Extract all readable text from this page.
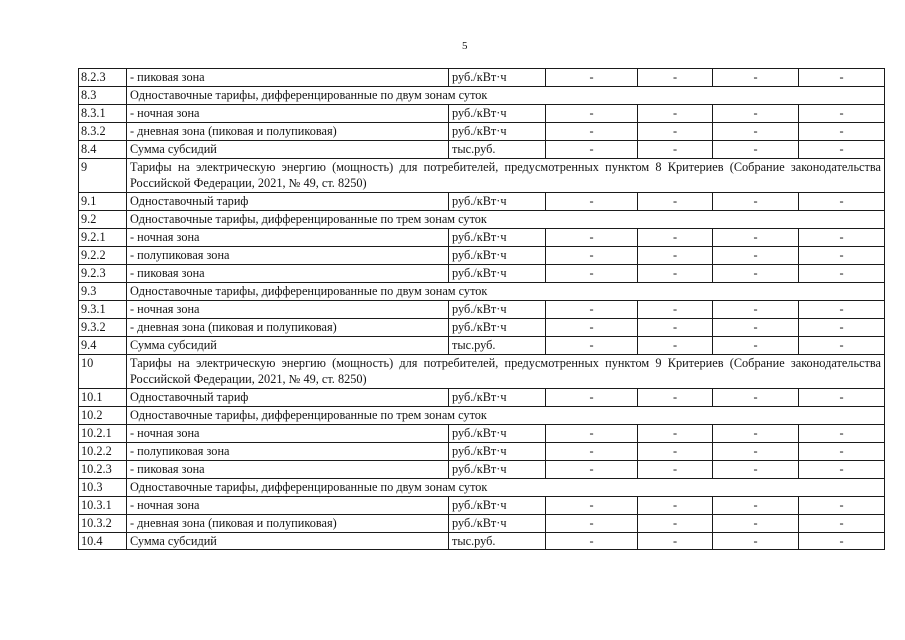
5
8.2.3	- пиковая зона	руб./кВт·ч	-	-	-	-
8.3	Одноставочные тарифы, дифференцированные по двум зонам суток					
8.3.1	- ночная зона	руб./кВт·ч	-	-	-	-
8.3.2	- дневная зона (пиковая и полупиковая)	руб./кВт·ч	-	-	-	-
8.4	Сумма субсидий	тыс.руб.	-	-	-	-
9	Тарифы на электрическую энергию (мощность) для потребителей, предусмотренных пунктом 8 Критериев (Собрание законодательства Российской Федерации, 2021, № 49, ст. 8250)					
9.1	Одноставочный тариф	руб./кВт·ч	-	-	-	-
9.2	Одноставочные тарифы, дифференцированные по трем зонам суток					
9.2.1	- ночная зона	руб./кВт·ч	-	-	-	-
9.2.2	- полупиковая зона	руб./кВт·ч	-	-	-	-
9.2.3	- пиковая зона	руб./кВт·ч	-	-	-	-
9.3	Одноставочные тарифы, дифференцированные по двум зонам суток					
9.3.1	- ночная зона	руб./кВт·ч	-	-	-	-
9.3.2	- дневная зона (пиковая и полупиковая)	руб./кВт·ч	-	-	-	-
9.4	Сумма субсидий	тыс.руб.	-	-	-	-
10	Тарифы на электрическую энергию (мощность) для потребителей, предусмотренных пунктом 9 Критериев (Собрание законодательства Российской Федерации, 2021, № 49, ст. 8250)					
10.1	Одноставочный тариф	руб./кВт·ч	-	-	-	-
10.2	Одноставочные тарифы, дифференцированные по трем зонам суток					
10.2.1	- ночная зона	руб./кВт·ч	-	-	-	-
10.2.2	- полупиковая зона	руб./кВт·ч	-	-	-	-
10.2.3	- пиковая зона	руб./кВт·ч	-	-	-	-
10.3	Одноставочные тарифы, дифференцированные по двум зонам суток					
10.3.1	- ночная зона	руб./кВт·ч	-	-	-	-
10.3.2	- дневная зона (пиковая и полупиковая)	руб./кВт·ч	-	-	-	-
10.4	Сумма субсидий	тыс.руб.	-	-	-	-
